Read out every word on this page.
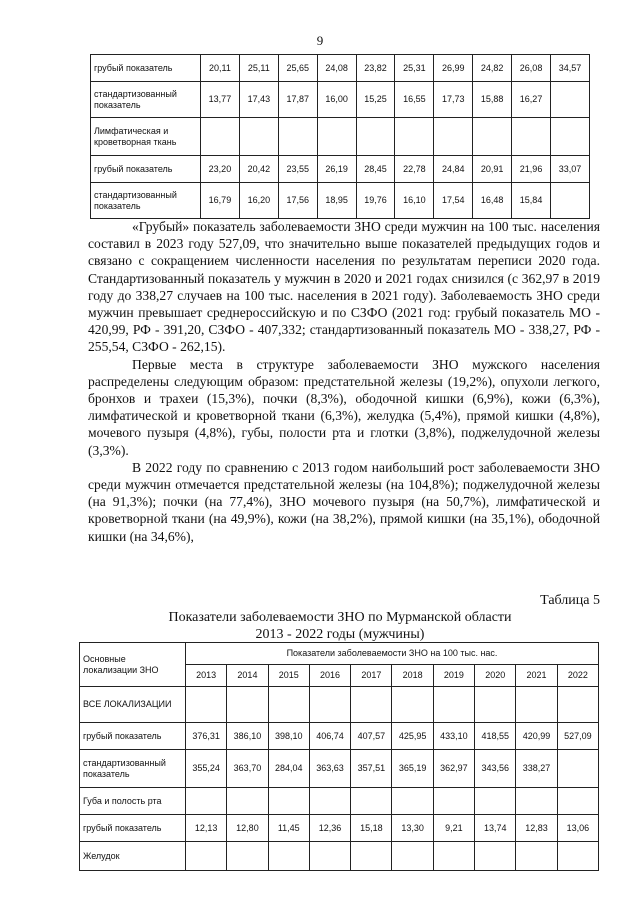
9
грубый показатель	20,11	25,11	25,65	24,08	23,82	25,31	26,99	24,82	26,08	34,57
стандартизованный показатель	13,77	17,43	17,87	16,00	15,25	16,55	17,73	15,88	16,27	
Лимфатическая и кроветворная ткань										
грубый показатель	23,20	20,42	23,55	26,19	28,45	22,78	24,84	20,91	21,96	33,07
стандартизованный показатель	16,79	16,20	17,56	18,95	19,76	16,10	17,54	16,48	15,84	

«Грубый» показатель заболеваемости ЗНО среди мужчин на 100 тыс. населения составил в 2023 году 527,09, что значительно выше показателей предыдущих годов и связано с сокращением численности населения по результатам переписи 2020 года. Стандартизованный показатель у мужчин в 2020 и 2021 годах снизился (с 362,97 в 2019 году до 338,27 случаев на 100 тыс. населения в 2021 году). Заболеваемость ЗНО среди мужчин превышает среднероссийскую и по СЗФО (2021 год: грубый показатель МО - 420,99, РФ - 391,20, СЗФО - 407,332; стандартизованный показатель МО - 338,27, РФ - 255,54, СЗФО - 262,15).

Первые места в структуре заболеваемости ЗНО мужского населения распределены следующим образом: предстательной железы (19,2%), опухоли легкого, бронхов и трахеи (15,3%), почки (8,3%), ободочной кишки (6,9%), кожи (6,3%), лимфатической и кроветворной ткани (6,3%), желудка (5,4%), прямой кишки (4,8%), мочевого пузыря (4,8%), губы, полости рта и глотки (3,8%), поджелудочной железы (3,3%).

В 2022 году по сравнению с 2013 годом наибольший рост заболеваемости ЗНО среди мужчин отмечается предстательной железы (на 104,8%); поджелудочной железы (на 91,3%); почки (на 77,4%), ЗНО мочевого пузыря (на 50,7%), лимфатической и кроветворной ткани (на 49,9%), кожи (на 38,2%), прямой кишки (на 35,1%), ободочной кишки (на 34,6%),

Таблица 5
Показатели заболеваемости ЗНО по Мурманской области
2013 - 2022 годы (мужчины)
Основные локализации ЗНО	Показатели заболеваемости ЗНО на 100 тыс. нас.									
	2013	2014	2015	2016	2017	2018	2019	2020	2021	2022
ВСЕ ЛОКАЛИЗАЦИИ										
грубый показатель	376,31	386,10	398,10	406,74	407,57	425,95	433,10	418,55	420,99	527,09
стандартизованный показатель	355,24	363,70	284,04	363,63	357,51	365,19	362,97	343,56	338,27	
Губа и полость рта										
грубый показатель	12,13	12,80	11,45	12,36	15,18	13,30	9,21	13,74	12,83	13,06
Желудок										
